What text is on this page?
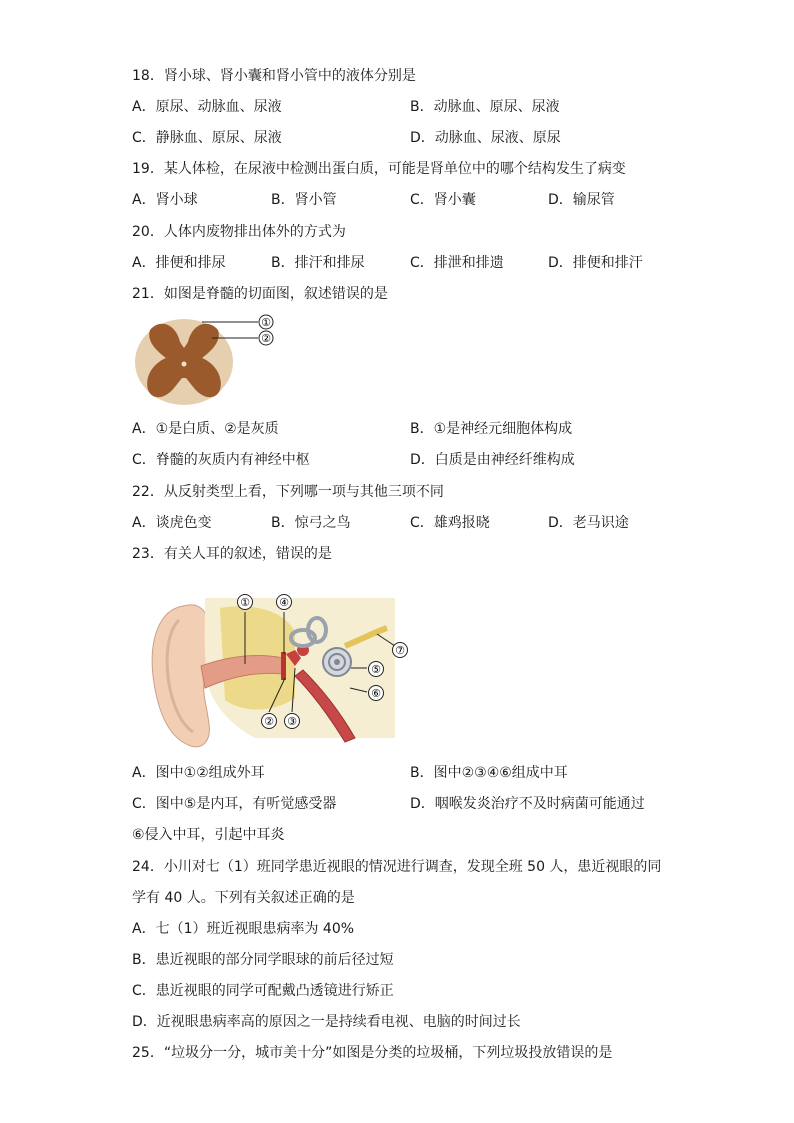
18．肾小球、肾小囊和肾小管中的液体分别是
A．原尿、动脉血、尿液	B．动脉血、原尿、尿液
C．静脉血、原尿、尿液	D．动脉血、尿液、原尿
19．某人体检，在尿液中检测出蛋白质，可能是肾单位中的哪个结构发生了病变
A．肾小球	B．肾小管	C．肾小囊	D．输尿管
20．人体内废物排出体外的方式为
A．排便和排尿	B．排汗和排尿	C．排泄和排遗	D．排便和排汗
21．如图是脊髓的切面图，叙述错误的是
①
②
A．①是白质、②是灰质	B．①是神经元细胞体构成
C．脊髓的灰质内有神经中枢	D．白质是由神经纤维构成
22．从反射类型上看，下列哪一项与其他三项不同
A．谈虎色变	B．惊弓之鸟	C．雄鸡报晓	D．老马识途
23．有关人耳的叙述，错误的是
①	④
⑦
⑤
⑥
② ③
A．图中①②组成外耳	B．图中②③④⑥组成中耳
C．图中⑤是内耳，有听觉感受器	D．咽喉发炎治疗不及时病菌可能通过
⑥侵入中耳，引起中耳炎
24．小川对七（1）班同学患近视眼的情况进行调查，发现全班 50 人，患近视眼的同
学有 40 人。下列有关叙述正确的是
A．七（1）班近视眼患病率为 40%
B．患近视眼的部分同学眼球的前后径过短
C．患近视眼的同学可配戴凸透镜进行矫正
D．近视眼患病率高的原因之一是持续看电视、电脑的时间过长
25．“垃圾分一分，城市美十分”如图是分类的垃圾桶，下列垃圾投放错误的是
